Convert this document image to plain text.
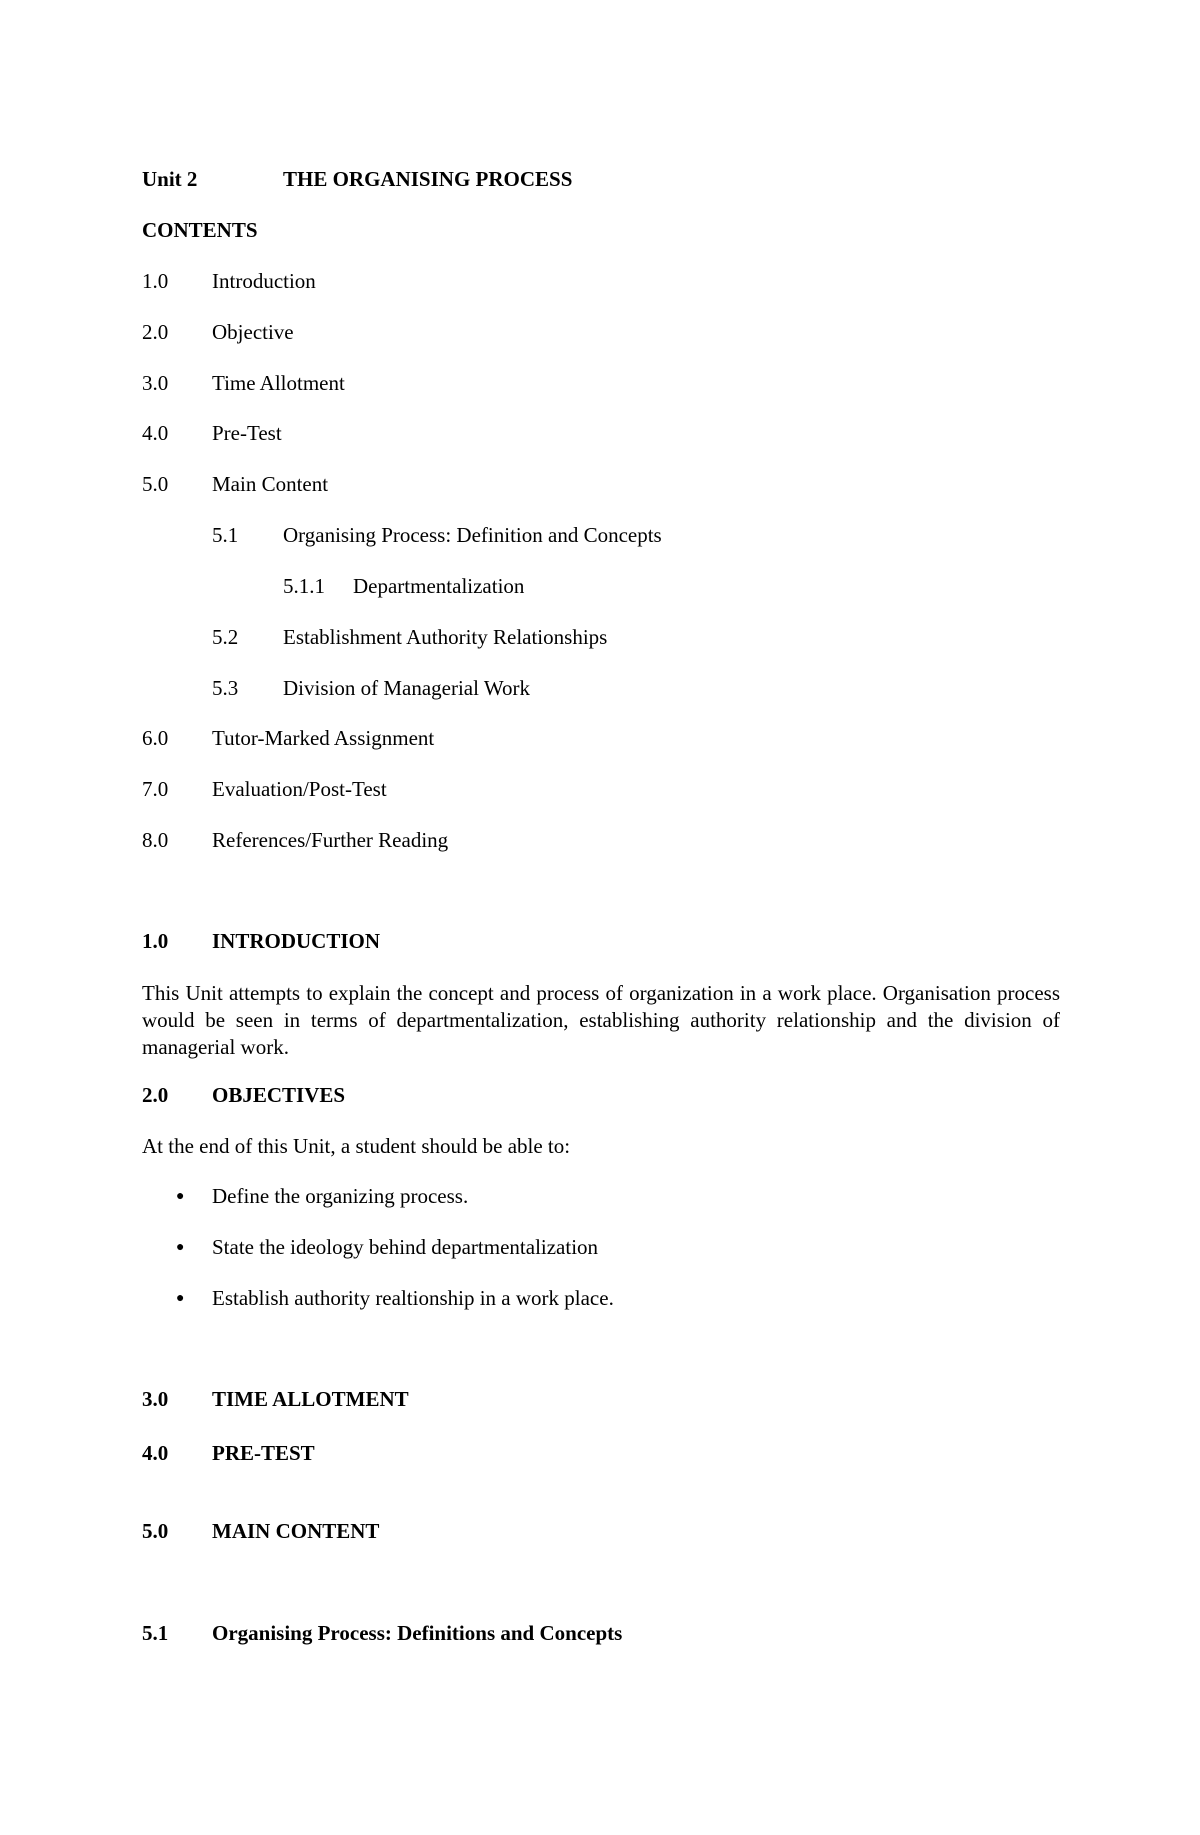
Unit 2	THE ORGANISING PROCESS
CONTENTS
1.0 Introduction
2.0 Objective
3.0 Time Allotment
4.0 Pre-Test
5.0 Main Content
5.1 Organising Process: Definition and Concepts
5.1.1 Departmentalization
5.2 Establishment Authority Relationships
5.3 Division of Managerial Work
6.0 Tutor-Marked Assignment
7.0 Evaluation/Post-Test
8.0 References/Further Reading
1.0 INTRODUCTION
This Unit attempts to explain the concept and process of organization in a work place. Organisation process would be seen in terms of departmentalization, establishing authority relationship and the division of managerial work.
2.0 OBJECTIVES
At the end of this Unit, a student should be able to:
● Define the organizing process.
● State the ideology behind departmentalization
● Establish authority realtionship in a work place.
3.0 TIME ALLOTMENT
4.0 PRE-TEST
5.0 MAIN CONTENT
5.1 Organising Process: Definitions and Concepts
